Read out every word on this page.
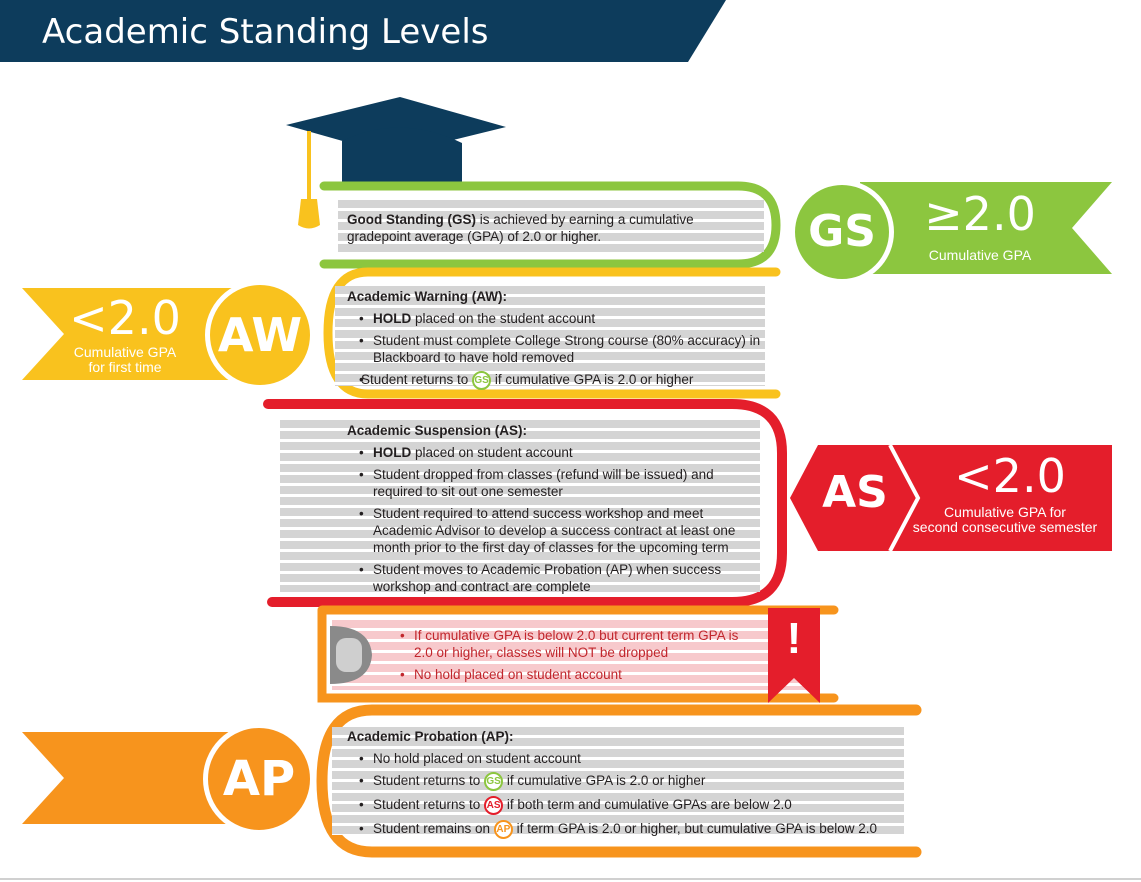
Academic Standing Levels
Good Standing (GS) is achieved by earning a cumulative gradepoint average (GPA) of 2.0 or higher.	GS	≥2.0
Cumulative GPA
Academic Warning (AW):
• HOLD placed on the student account
• Student must complete College Strong course (80% accuracy) in Blackboard to have hold removed
• Student returns to GS if cumulative GPA is 2.0 or higher
<2.0
Cumulative GPA
for first time
AW
Academic Suspension (AS):
• HOLD placed on student account
• Student dropped from classes (refund will be issued) and required to sit out one semester
• Student required to attend success workshop and meet Academic Advisor to develop a success contract at least one month prior to the first day of classes for the upcoming term
• Student moves to Academic Probation (AP) when success workshop and contract are complete
AS	<2.0
Cumulative GPA for
second consecutive semester
!
• If cumulative GPA is below 2.0 but current term GPA is 2.0 or higher, classes will NOT be dropped
• No hold placed on student account
Academic Probation (AP):
• No hold placed on student account
• Student returns to GS if cumulative GPA is 2.0 or higher
• Student returns to AS if both term and cumulative GPAs are below 2.0
• Student remains on AP if term GPA is 2.0 or higher, but cumulative GPA is below 2.0
AP
